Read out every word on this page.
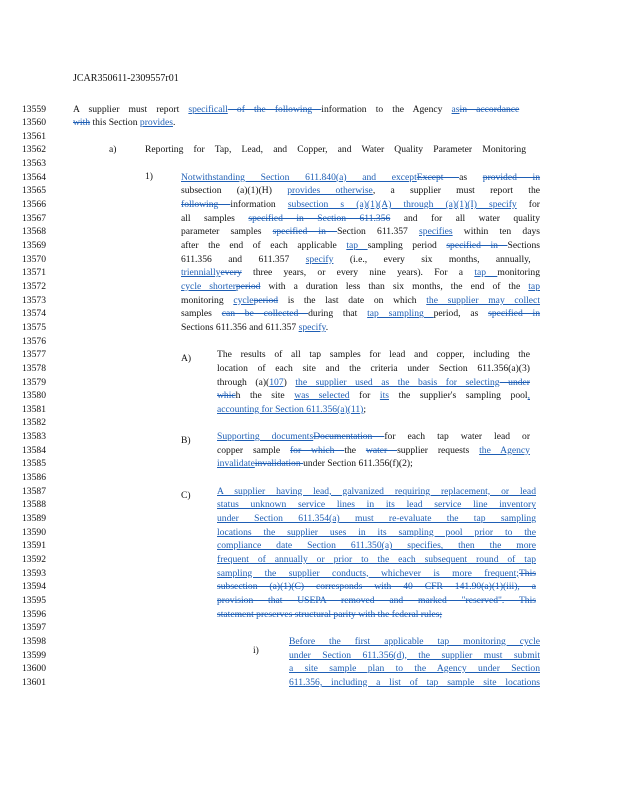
JCAR350611-2309557r01
13559
13560
13561
13562
13563
13564
13565
13566
13567
13568
13569
13570
13571
13572
13573
13574
13575
13576
13577
13578
13579
13580
13581
13582
13583
13584
13585
13586
13587
13588
13589
13590
13591
13592
13593
13594
13595
13596
13597
13598
13599
13600
13601
A supplier must report specificall of the following information to the Agency asin accordance
with this Section provides.
Reporting for Tap, Lead, and Copper, and Water Quality Parameter Monitoring
Notwithstanding Section 611.840(a) and exceptExcept as provided in
subsection (a)(1)(H) provides otherwise, a supplier must report the
following information subsection s (a)(1)(A) through (a)(1)(I) specify for
all samples specified in Section 611.356 and for all water quality
parameter samples specified in Section 611.357 specifies within ten days
after the end of each applicable tap sampling period specified in Sections
611.356 and 611.357 specify (i.e., every six months, annually,
trienniallyevery three years, or every nine years). For a tap monitoring
cycle shorterperiod with a duration less than six months, the end of the tap
monitoring cycleperiod is the last date on which the supplier may collect
samples can be collected during that tap sampling period, as specified in
Sections 611.356 and 611.357 specify.
The results of all tap samples for lead and copper, including the
location of each site and the criteria under Section 611.356(a)(3)
through (a)(107) the supplier used as the basis for selecting under
which the site was selected for its the supplier's sampling pool,
accounting for Section 611.356(a)(11);
Supporting documentsDocumentation for each tap water lead or
copper sample for which the water supplier requests the Agency
invalidateinvalidation under Section 611.356(f)(2);
A supplier having lead, galvanized requiring replacement, or lead
status unknown service lines in its lead service line inventory
under Section 611.354(a) must re-evaluate the tap sampling
locations the supplier uses in its sampling pool prior to the
compliance date Section 611.350(a) specifies, then the more
frequent of annually or prior to the each subsequent round of tap
sampling the supplier conducts, whichever is more frequent;This
subsection (a)(1)(C) corresponds with 40 CFR 141.90(a)(1)(iii), a
provision that USEPA removed and marked "reserved". This
statement preserves structural parity with the federal rules;
Before the first applicable tap monitoring cycle
under Section 611.356(d), the supplier must submit
a site sample plan to the Agency under Section
611.356, including a list of tap sample site locations
a)
1)
A)
B)
C)
i)
